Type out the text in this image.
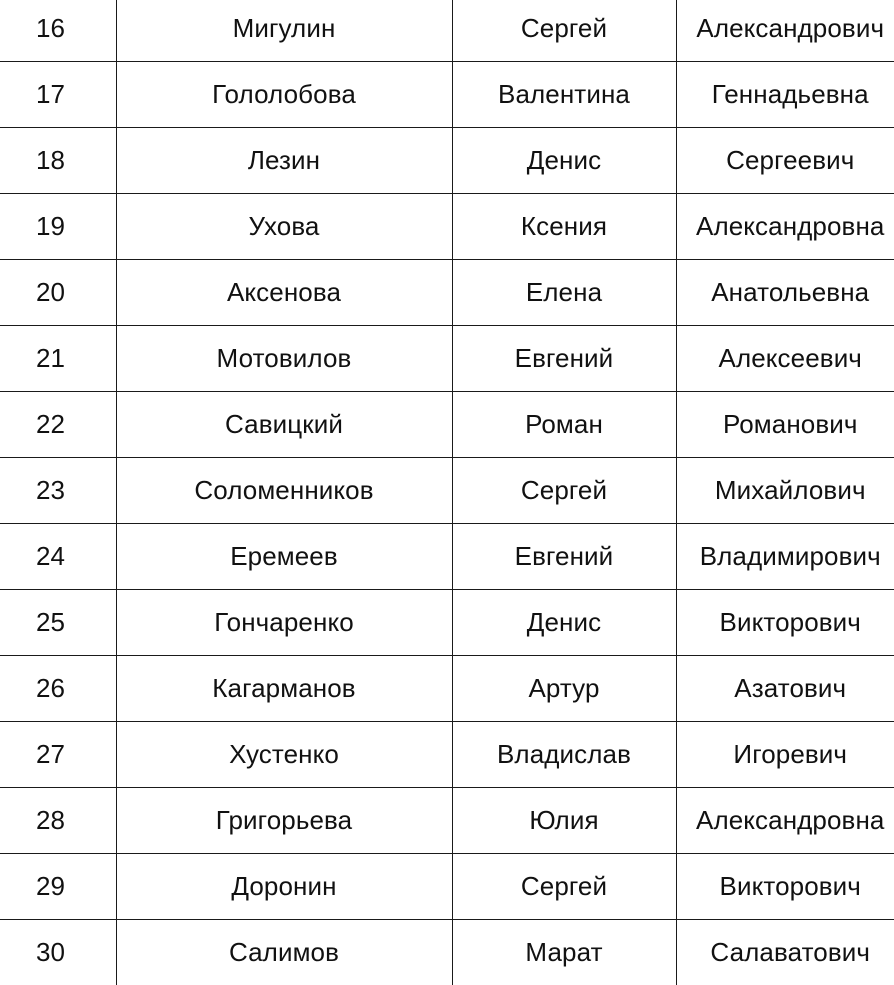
16	Мигулин	Сергей	Александрович

17	Гололобова	Валентина	Геннадьевна

18	Лезин	Денис	Сергеевич

19	Ухова	Ксения	Александровна

20	Аксенова	Елена	Анатольевна

21	Мотовилов	Евгений	Алексеевич

22	Савицкий	Роман	Романович

23	Соломенников	Сергей	Михайлович

24	Еремеев	Евгений	Владимирович

25	Гончаренко	Денис	Викторович

26	Кагарманов	Артур	Азатович

27	Хустенко	Владислав	Игоревич

28	Григорьева	Юлия	Александровна

29	Доронин	Сергей	Викторович

30	Салимов	Марат	Салаватович
